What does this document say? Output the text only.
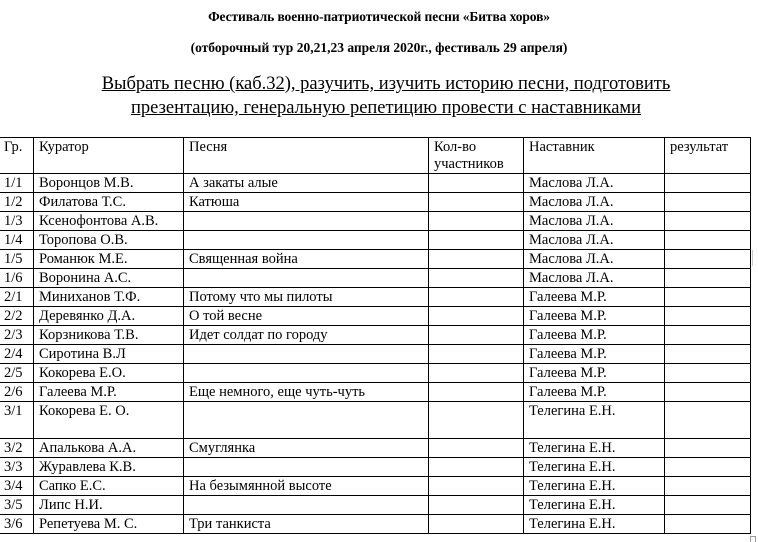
Фестиваль военно-патриотической песни «Битва хоров»
(отборочный тур 20,21,23 апреля 2020г., фестиваль 29 апреля)
Выбрать песню (каб.32), разучить, изучить историю песни, подготовить
презентацию, генеральную репетицию провести с наставниками
Гр.	Куратор	Песня	Кол-во участников	Наставник	результат
1/1	Воронцов М.В.	А закаты алые		Маслова Л.А.	
1/2	Филатова Т.С.	Катюша		Маслова Л.А.	
1/3	Ксенофонтова А.В.			Маслова Л.А.	
1/4	Торопова О.В.			Маслова Л.А.	
1/5	Романюк М.Е.	Священная война		Маслова Л.А.	
1/6	Воронина А.С.			Маслова Л.А.	
2/1	Миниханов Т.Ф.	Потому что мы пилоты		Галеева М.Р.	
2/2	Деревянко Д.А.	О той весне		Галеева М.Р.	
2/3	Корзникова Т.В.	Идет солдат по городу		Галеева М.Р.	
2/4	Сиротина В.Л			Галеева М.Р.	
2/5	Кокорева Е.О.			Галеева М.Р.	
2/6	Галеева М.Р.	Еще немного, еще чуть-чуть		Галеева М.Р.	
3/1	Кокорева Е. О.			Телегина Е.Н.	
3/2	Апалькова А.А.	Смуглянка		Телегина Е.Н.	
3/3	Журавлева К.В.			Телегина Е.Н.	
3/4	Сапко Е.С.	На безымянной высоте		Телегина Е.Н.	
3/5	Липс Н.И.			Телегина Е.Н.	
3/6	Репетуева М. С.	Три танкиста		Телегина Е.Н.	
